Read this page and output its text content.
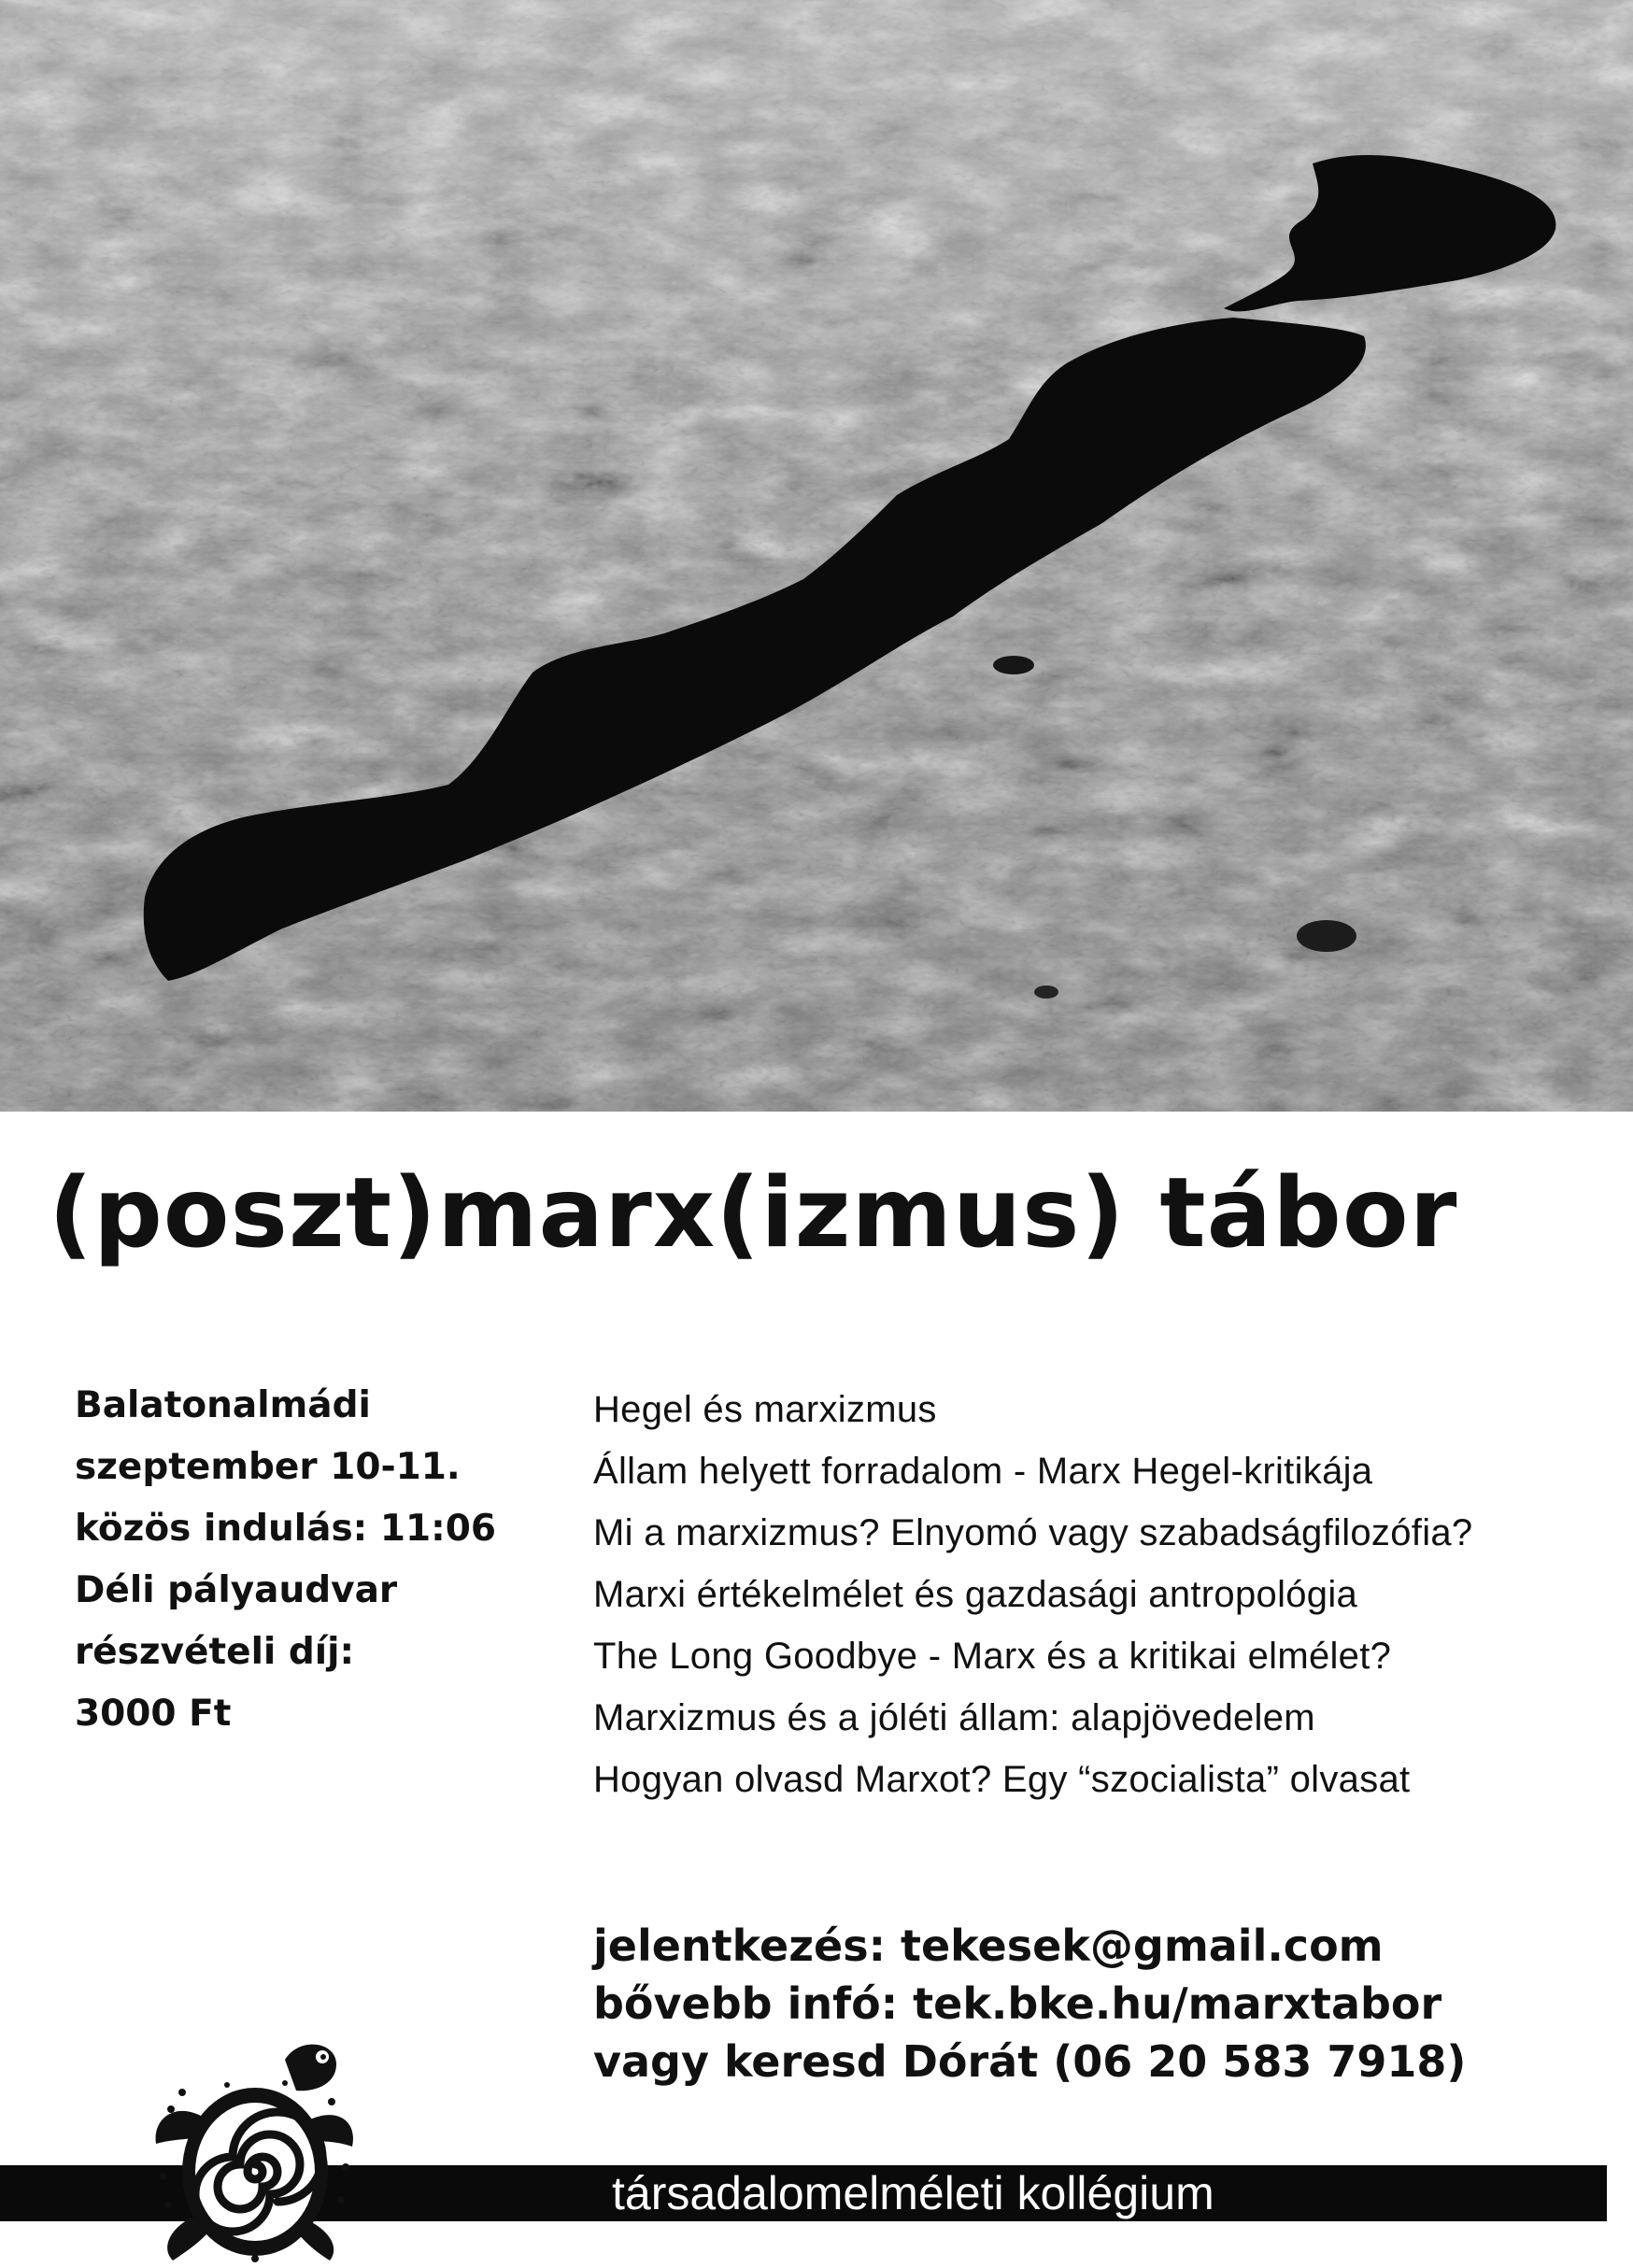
(poszt)marx(izmus) tábor
Balatonalmádi
szeptember 10-11.
közös indulás: 11:06
Déli pályaudvar
részvételi díj:
3000 Ft
Hegel és marxizmus
Állam helyett forradalom - Marx Hegel-kritikája
Mi a marxizmus? Elnyomó vagy szabadságfilozófia?
Marxi értékelmélet és gazdasági antropológia
The Long Goodbye - Marx és a kritikai elmélet?
Marxizmus és a jóléti állam: alapjövedelem
Hogyan olvasd Marxot? Egy “szocialista” olvasat
jelentkezés: tekesek@gmail.com
bővebb infó: tek.bke.hu/marxtabor
vagy keresd Dórát (06 20 583 7918)
társadalomelméleti kollégium
